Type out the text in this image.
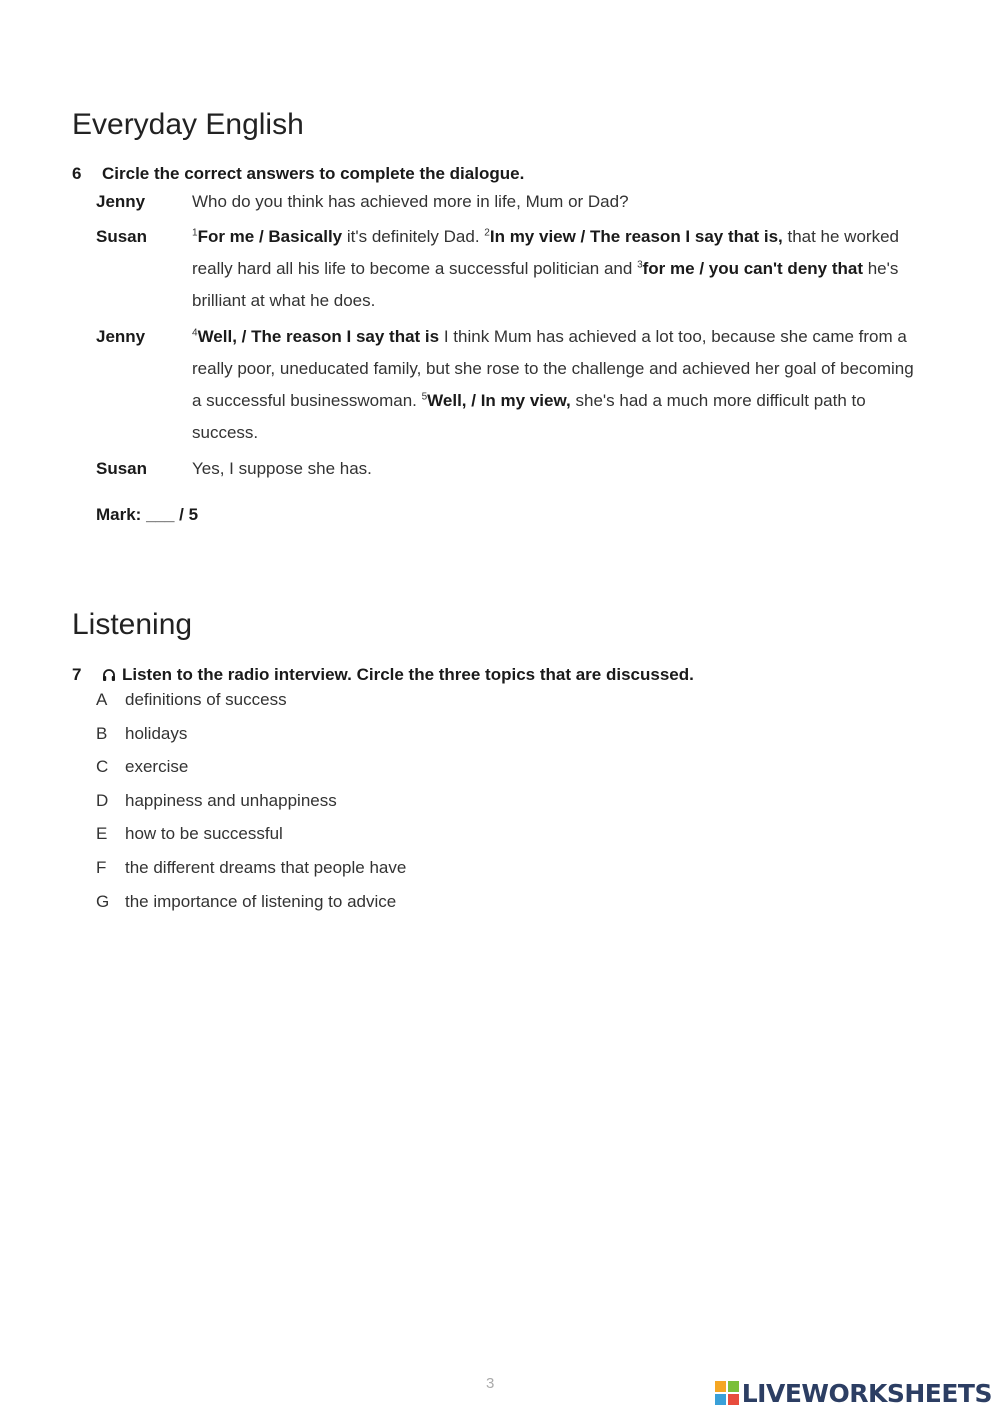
Everyday English
6 Circle the correct answers to complete the dialogue.
Jenny	Who do you think has achieved more in life, Mum or Dad?
Susan	$^1$For me / Basically it's definitely Dad. $^2$In my view / The reason I say that is, that he worked really hard all his life to become a successful politician and $^3$for me / you can't deny that he's brilliant at what he does.
Jenny	$^4$Well, / The reason I say that is I think Mum has achieved a lot too, because she came from a really poor, uneducated family, but she rose to the challenge and achieved her goal of becoming a successful businesswoman. $^5$Well, / In my view, she's had a much more difficult path to success.
Susan	Yes, I suppose she has.
Mark: ___ / 5
Listening
7 Listen to the radio interview. Circle the three topics that are discussed.
A definitions of success
B holidays
C exercise
D happiness and unhappiness
E how to be successful
F the different dreams that people have
G the importance of listening to advice
3	LIVEWORKSHEETS
